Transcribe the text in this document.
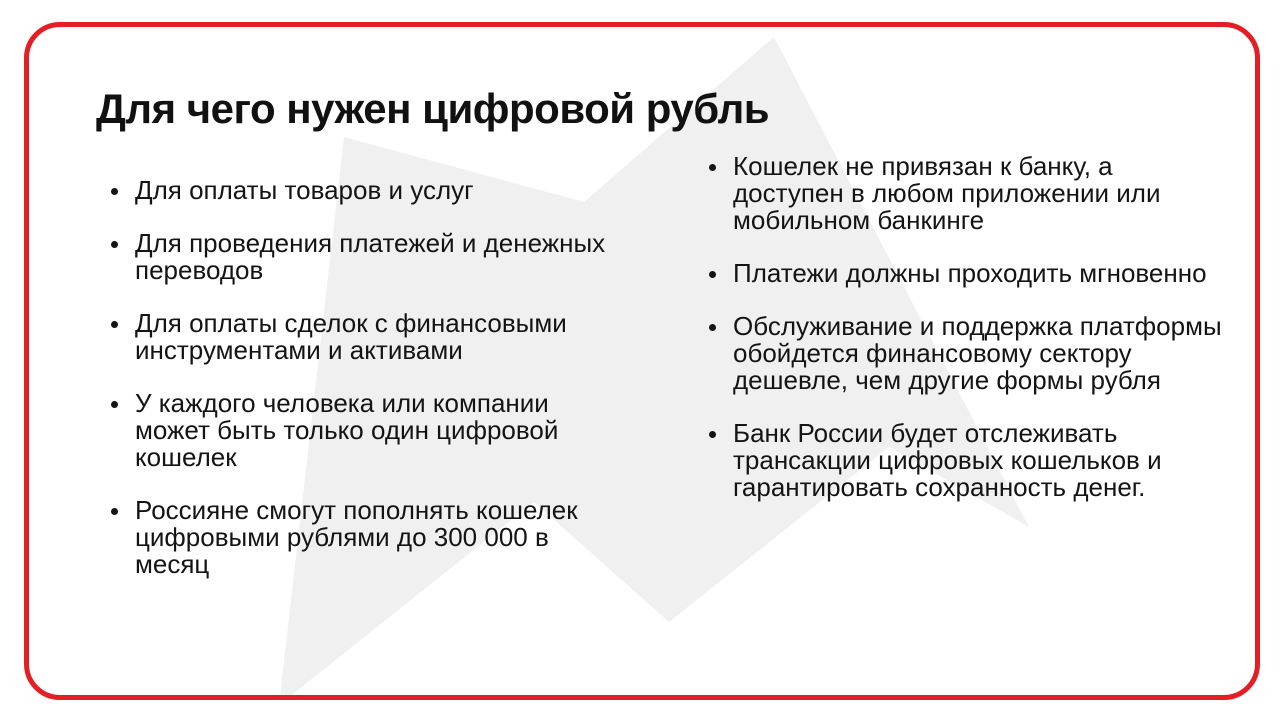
Для чего нужен цифровой рубль
Для оплаты товаров и услуг
Для проведения платежей и денежных переводов
Для оплаты сделок с финансовыми инструментами и активами
У каждого человека или компании может быть только один цифровой кошелек
Россияне смогут пополнять кошелек цифровыми рублями до 300 000 в месяц
Кошелек не привязан к банку, а доступен в любом приложении или мобильном банкинге
Платежи должны проходить мгновенно
Обслуживание и поддержка платформы обойдется финансовому сектору дешевле, чем другие формы рубля
Банк России будет отслеживать трансакции цифровых кошельков и гарантировать сохранность денег.
